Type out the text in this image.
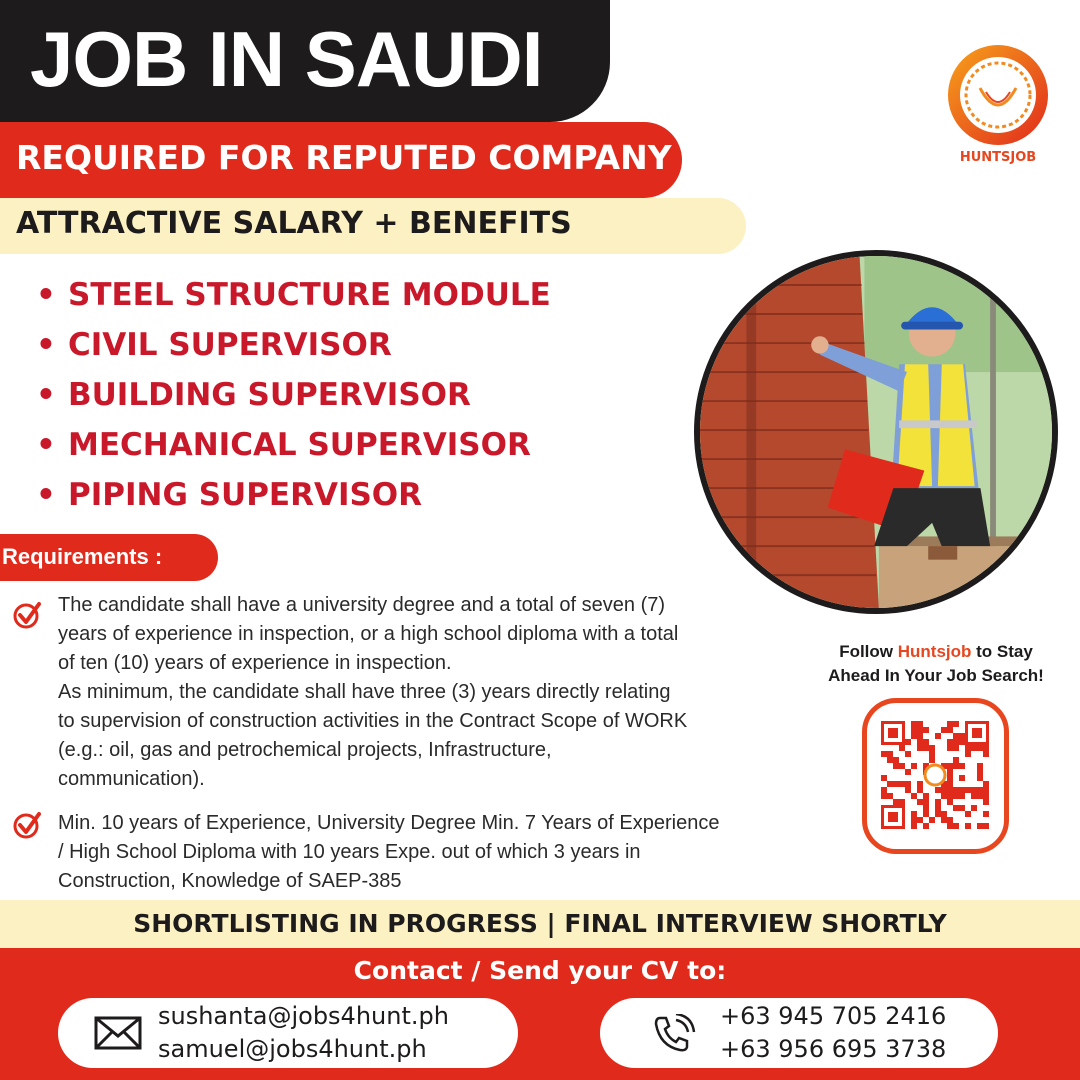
JOB IN SAUDI
REQUIRED FOR REPUTED COMPANY
ATTRACTIVE SALARY + BENEFITS
HUNTSJOB
• STEEL STRUCTURE MODULE
• CIVIL SUPERVISOR
• BUILDING SUPERVISOR
• MECHANICAL SUPERVISOR
• PIPING SUPERVISOR
Requirements :
The candidate shall have a university degree and a total of seven (7)
years of experience in inspection, or a high school diploma with a total
of ten (10) years of experience in inspection.
As minimum, the candidate shall have three (3) years directly relating
to supervision of construction activities in the Contract Scope of WORK
(e.g.: oil, gas and petrochemical projects, Infrastructure,
communication).
Min. 10 years of Experience, University Degree Min. 7 Years of Experience
/ High School Diploma with 10 years Expe. out of which 3 years in
Construction, Knowledge of SAEP-385
Follow Huntsjob to Stay
Ahead In Your Job Search!
SHORTLISTING IN PROGRESS | FINAL INTERVIEW SHORTLY
Contact / Send your CV to:
sushanta@jobs4hunt.ph
samuel@jobs4hunt.ph
+63 945 705 2416
+63 956 695 3738
